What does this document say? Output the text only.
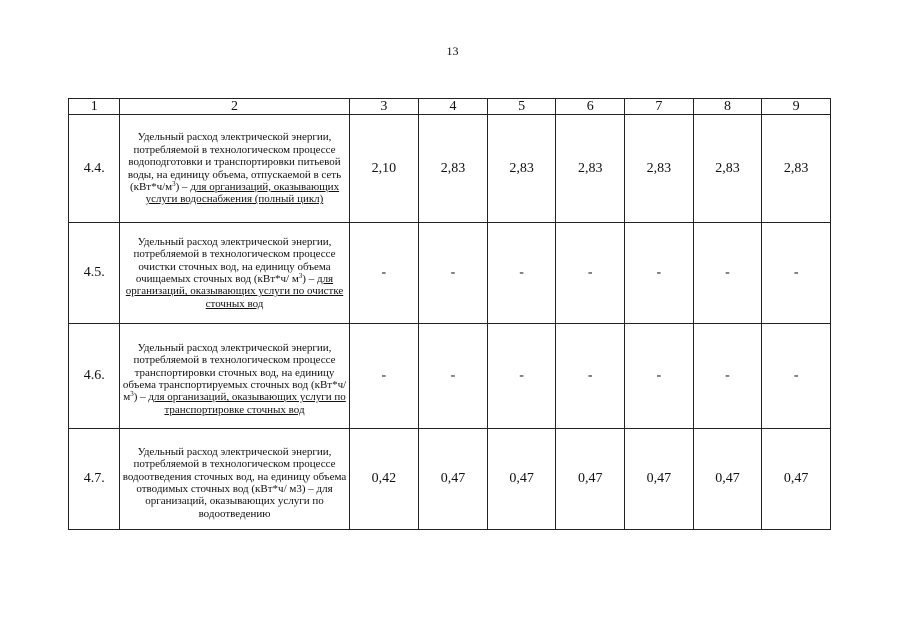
13
1	2	3	4	5	6	7	8	9
4.4.	Удельный расход электрической энергии, потребляемой в технологическом процессе водоподготовки и транспортировки питьевой воды, на единицу объема, отпускаемой в сеть $(кВт*ч/м^3)$ – для организаций, оказывающих услуги водоснабжения (полный цикл)	2,10	2,83	2,83	2,83	2,83	2,83	2,83
4.5.	Удельный расход электрической энергии, потребляемой в технологическом процессе очистки сточных вод, на единицу объема очищаемых сточных вод (кВт*ч/ $м^3$) – для организаций, оказывающих услуги по очистке сточных вод	-	-	-	-	-	-	-
4.6.	Удельный расход электрической энергии, потребляемой в технологическом процессе транспортировки сточных вод, на единицу объема транспортируемых сточных вод (кВт*ч/ $м^3$) – для организаций, оказывающих услуги по транспортировке сточных вод	-	-	-	-	-	-	-
4.7.	Удельный расход электрической энергии, потребляемой в технологическом процессе водоотведения сточных вод, на единицу объема отводимых сточных вод (кВт*ч/ м3) – для организаций, оказывающих услуги по водоотведению	0,42	0,47	0,47	0,47	0,47	0,47	0,47
